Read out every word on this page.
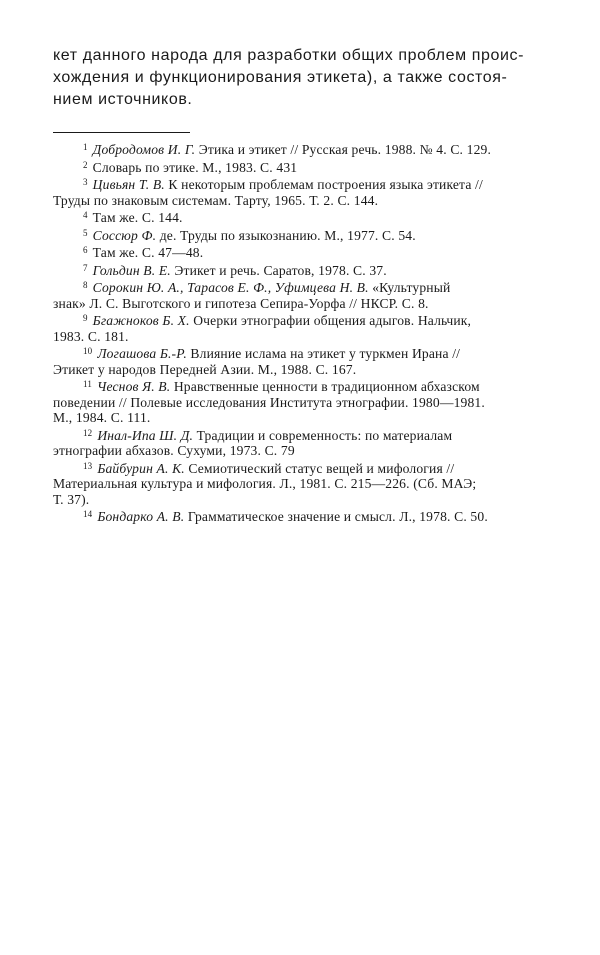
кет данного народа для разработки общих проблем проис-
хождения и функционирования этикета), а также состоя-
нием источников.
$^1$ Добродомов И. Г. Этика и этикет // Русская речь. 1988. № 4. С. 129.
$^2$ Словарь по этике. М., 1983. С. 431
$^3$ Цивьян Т. В. К некоторым проблемам построения языка этикета //
Труды по знаковым системам. Тарту, 1965. Т. 2. С. 144.
$^4$ Там же. С. 144.
$^5$ Соссюр Ф. де. Труды по языкознанию. М., 1977. С. 54.
$^6$ Там же. С. 47—48.
$^7$ Гольдин В. Е. Этикет и речь. Саратов, 1978. С. 37.
$^8$ Сорокин Ю. А., Тарасов Е. Ф., Уфимцева Н. В. «Культурный
знак» Л. С. Выготского и гипотеза Сепира-Уорфа // НКСР. С. 8.
$^9$ Бгажноков Б. Х. Очерки этнографии общения адыгов. Нальчик,
1983. С. 181.
$^{10}$ Логашова Б.-Р. Влияние ислама на этикет у туркмен Ирана //
Этикет у народов Передней Азии. М., 1988. С. 167.
$^{11}$ Чеснов Я. В. Нравственные ценности в традиционном абхазском
поведении // Полевые исследования Института этнографии. 1980—1981.
М., 1984. С. 111.
$^{12}$ Инал-Ипа Ш. Д. Традиции и современность: по материалам
этнографии абхазов. Сухуми, 1973. С. 79
$^{13}$ Байбурин А. К. Семиотический статус вещей и мифология //
Материальная культура и мифология. Л., 1981. С. 215—226. (Сб. МАЭ;
Т. 37).
$^{14}$ Бондарко А. В. Грамматическое значение и смысл. Л., 1978. С. 50.
